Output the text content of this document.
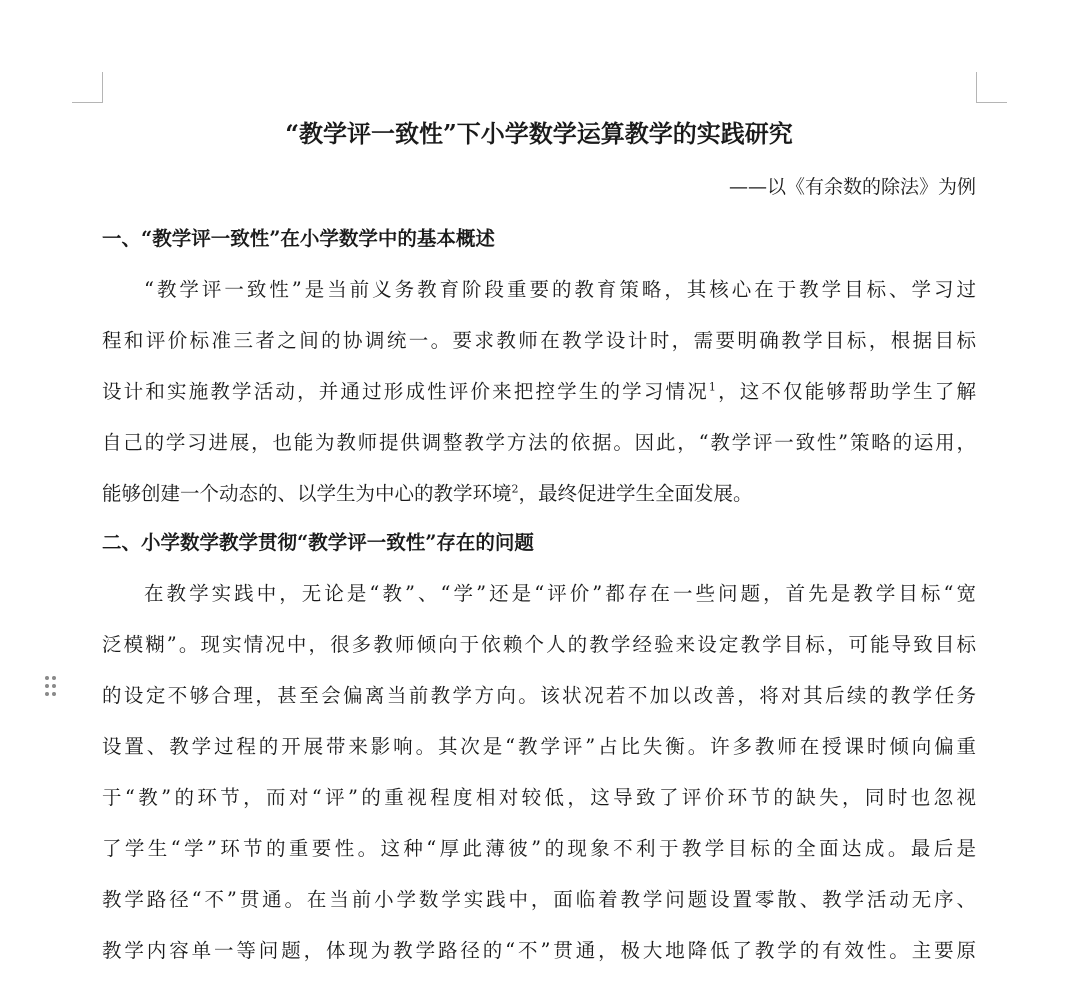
“教学评一致性”下小学数学运算教学的实践研究
——以《有余数的除法》为例
一、“教学评一致性”在小学数学中的基本概述
“教学评一致性”是当前义务教育阶段重要的教育策略，其核心在于教学目标、学习过
程和评价标准三者之间的协调统一。要求教师在教学设计时，需要明确教学目标，根据目标
设计和实施教学活动，并通过形成性评价来把控学生的学习情况$^1$，这不仅能够帮助学生了解
自己的学习进展，也能为教师提供调整教学方法的依据。因此，“教学评一致性”策略的运用，
能够创建一个动态的、以学生为中心的教学环境$^2$，最终促进学生全面发展。
二、小学数学教学贯彻“教学评一致性”存在的问题
在教学实践中，无论是“教”、“学”还是“评价”都存在一些问题，首先是教学目标“宽
泛模糊”。现实情况中，很多教师倾向于依赖个人的教学经验来设定教学目标，可能导致目标
的设定不够合理，甚至会偏离当前教学方向。该状况若不加以改善，将对其后续的教学任务
设置、教学过程的开展带来影响。其次是“教学评”占比失衡。许多教师在授课时倾向偏重
于“教”的环节，而对“评”的重视程度相对较低，这导致了评价环节的缺失，同时也忽视
了学生“学”环节的重要性。这种“厚此薄彼”的现象不利于教学目标的全面达成。最后是
教学路径“不”贯通。在当前小学数学实践中，面临着教学问题设置零散、教学活动无序、
教学内容单一等问题，体现为教学路径的“不”贯通，极大地降低了教学的有效性。主要原
